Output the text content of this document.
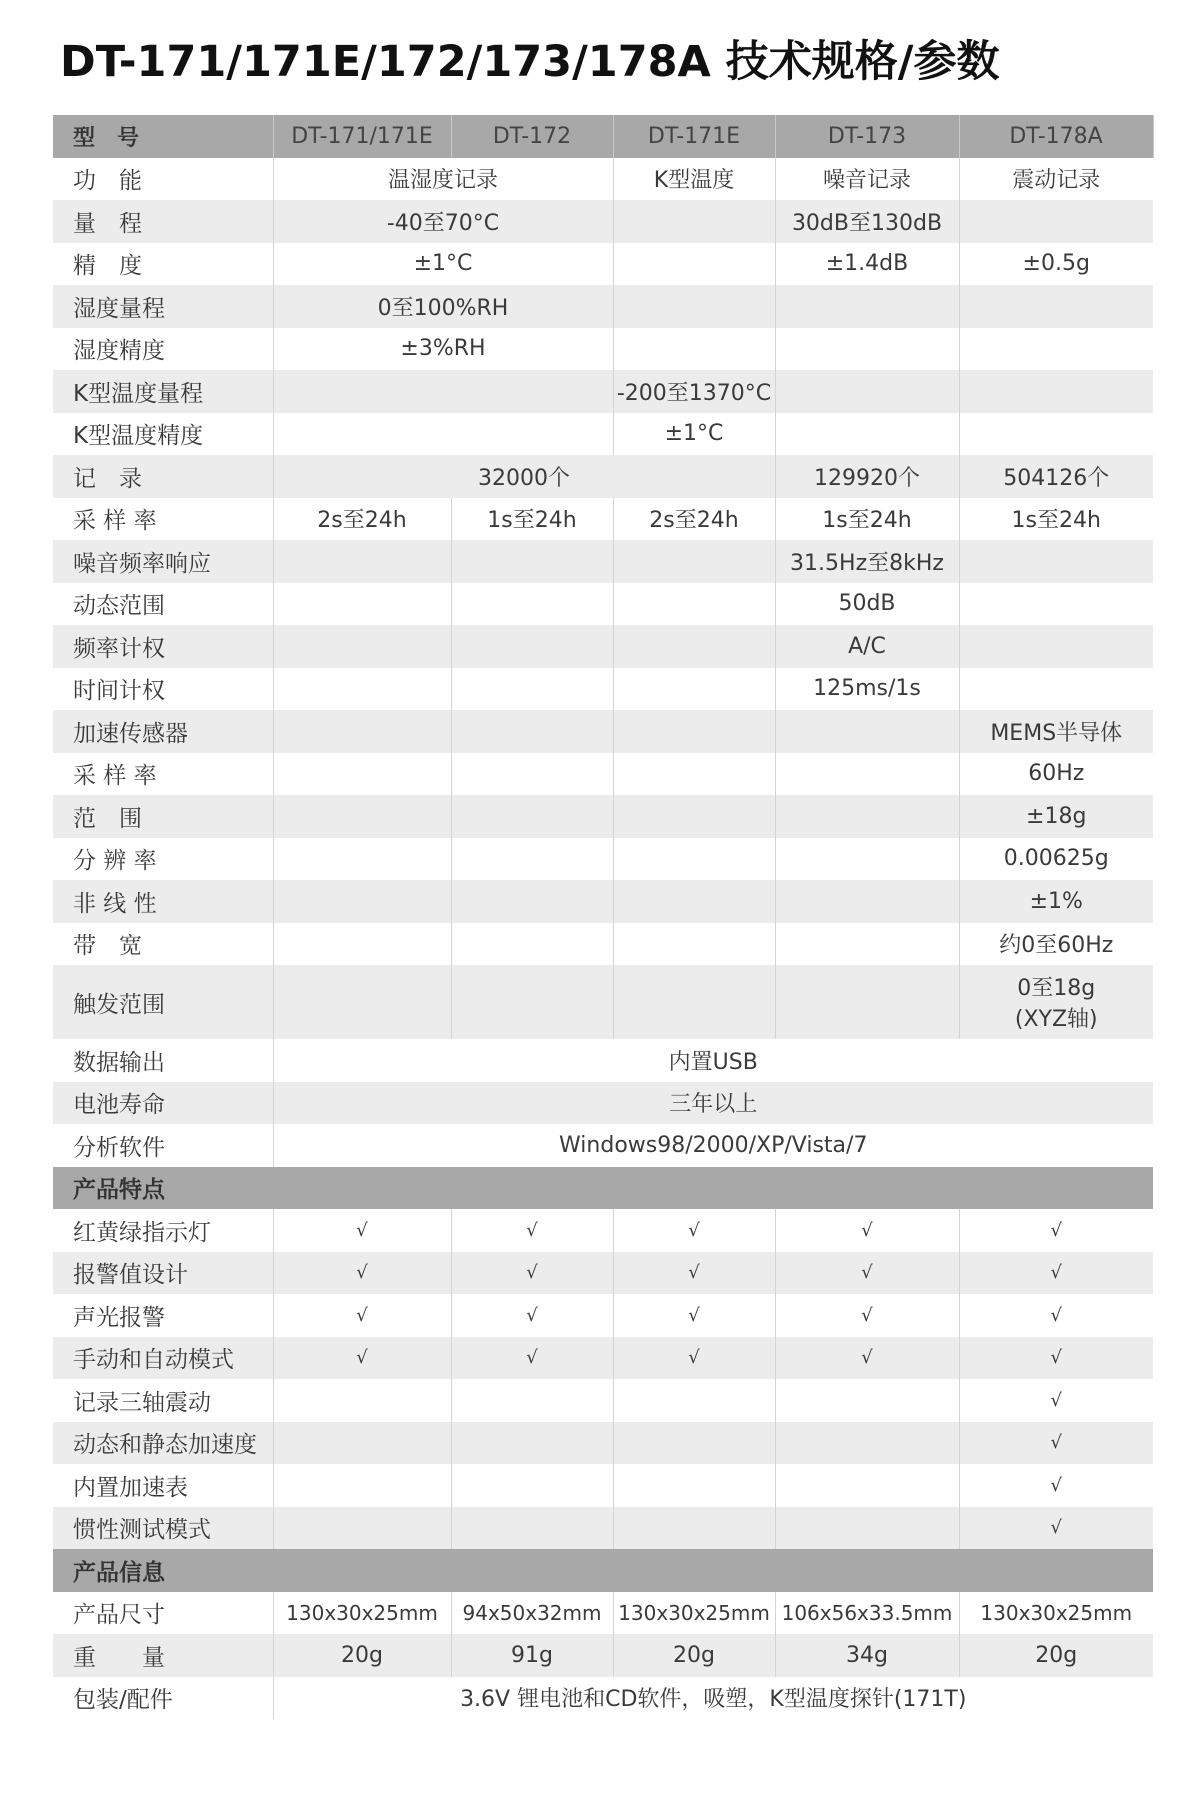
DT-171/171E/172/173/178A 技术规格/参数
型　号	DT-171/171E	DT-172	DT-171E	DT-173	DT-178A
功　能	温湿度记录		K型温度	噪音记录	震动记录
量　程	-40至70°C			30dB至130dB	
精　度	±1°C			±1.4dB	±0.5g
湿度量程	0至100%RH				
湿度精度	±3%RH				
K型温度量程			-200至1370°C		
K型温度精度			±1°C		
记　录	32000个			129920个	504126个
采 样 率	2s至24h	1s至24h	2s至24h	1s至24h	1s至24h
噪音频率响应				31.5Hz至8kHz	
动态范围				50dB	
频率计权				A/C	
时间计权				125ms/1s	
加速传感器					MEMS半导体
采 样 率					60Hz
范　围					±18g
分 辨 率					0.00625g
非 线 性					±1%
带　宽					约0至60Hz
触发范围					0至18g
(XYZ轴)

数据输出	内置USB				
电池寿命	三年以上				
分析软件	Windows98/2000/XP/Vista/7				
产品特点					
红黄绿指示灯	√	√	√	√	√
报警值设计	√	√	√	√	√
声光报警	√	√	√	√	√
手动和自动模式	√	√	√	√	√
记录三轴震动					√
动态和静态加速度					√
内置加速表					√
惯性测试模式					√
产品信息					
产品尺寸	130x30x25mm	94x50x32mm	130x30x25mm	106x56x33.5mm	130x30x25mm
重　　量	20g	91g	20g	34g	20g
包装/配件	3.6V 锂电池和CD软件，吸塑，K型温度探针(171T)				
